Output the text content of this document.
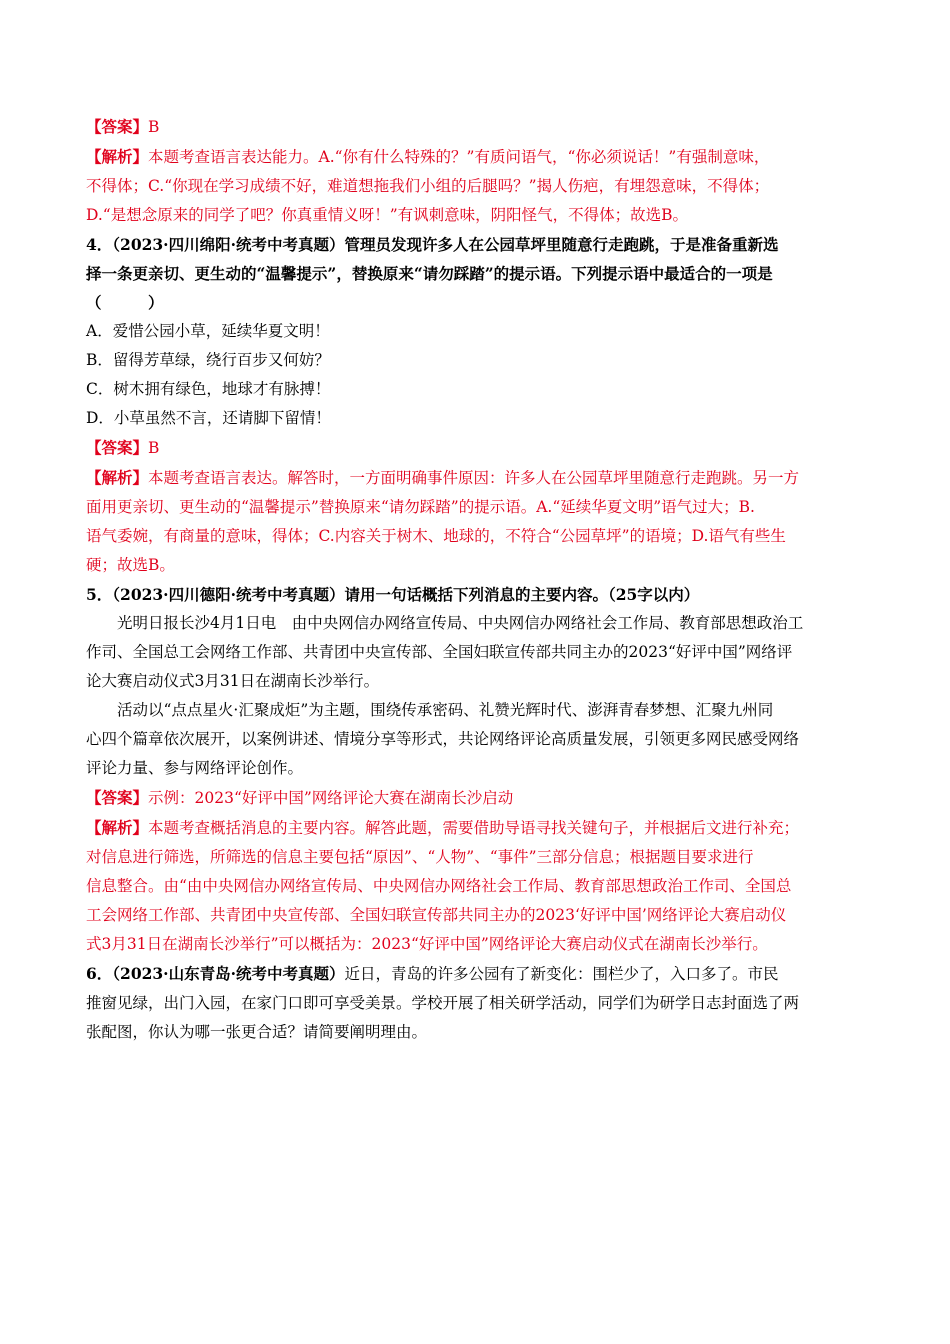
【答案】B
【解析】本题考查语言表达能力。A.“你有什么特殊的？”有质问语气，“你必须说话！”有强制意味，
不得体；C.“你现在学习成绩不好，难道想拖我们小组的后腿吗？”揭人伤疤，有埋怨意味，不得体；
D.“是想念原来的同学了吧？你真重情义呀！”有讽刺意味，阴阳怪气，不得体；故选B。
4．（2023·四川绵阳·统考中考真题）管理员发现许多人在公园草坪里随意行走跑跳，于是准备重新选
择一条更亲切、更生动的“温馨提示”，替换原来“请勿踩踏”的提示语。下列提示语中最适合的一项是
（　　　）
A．爱惜公园小草，延续华夏文明！
B．留得芳草绿，绕行百步又何妨？
C．树木拥有绿色，地球才有脉搏！
D．小草虽然不言，还请脚下留情！
【答案】B
【解析】本题考查语言表达。解答时，一方面明确事件原因：许多人在公园草坪里随意行走跑跳。另一方
面用更亲切、更生动的“温馨提示”替换原来“请勿踩踏”的提示语。A.“延续华夏文明”语气过大；B.
语气委婉，有商量的意味，得体；C.内容关于树木、地球的，不符合“公园草坪”的语境；D.语气有些生
硬；故选B。
5．（2023·四川德阳·统考中考真题）请用一句话概括下列消息的主要内容。（25字以内）
光明日报长沙4月1日电　由中央网信办网络宣传局、中央网信办网络社会工作局、教育部思想政治工
作司、全国总工会网络工作部、共青团中央宣传部、全国妇联宣传部共同主办的2023“好评中国”网络评
论大赛启动仪式3月31日在湖南长沙举行。
活动以“点点星火·汇聚成炬”为主题，围绕传承密码、礼赞光辉时代、澎湃青春梦想、汇聚九州同
心四个篇章依次展开，以案例讲述、情境分享等形式，共论网络评论高质量发展，引领更多网民感受网络
评论力量、参与网络评论创作。
【答案】示例：2023“好评中国”网络评论大赛在湖南长沙启动
【解析】本题考查概括消息的主要内容。解答此题，需要借助导语寻找关键句子，并根据后文进行补充；
对信息进行筛选，所筛选的信息主要包括“原因”、“人物”、“事件”三部分信息；根据题目要求进行
信息整合。由“由中央网信办网络宣传局、中央网信办网络社会工作局、教育部思想政治工作司、全国总
工会网络工作部、共青团中央宣传部、全国妇联宣传部共同主办的2023‘好评中国’网络评论大赛启动仪
式3月31日在湖南长沙举行”可以概括为：2023“好评中国”网络评论大赛启动仪式在湖南长沙举行。
6．（2023·山东青岛·统考中考真题）近日，青岛的许多公园有了新变化：围栏少了，入口多了。市民
推窗见绿，出门入园，在家门口即可享受美景。学校开展了相关研学活动，同学们为研学日志封面选了两
张配图，你认为哪一张更合适？请简要阐明理由。
